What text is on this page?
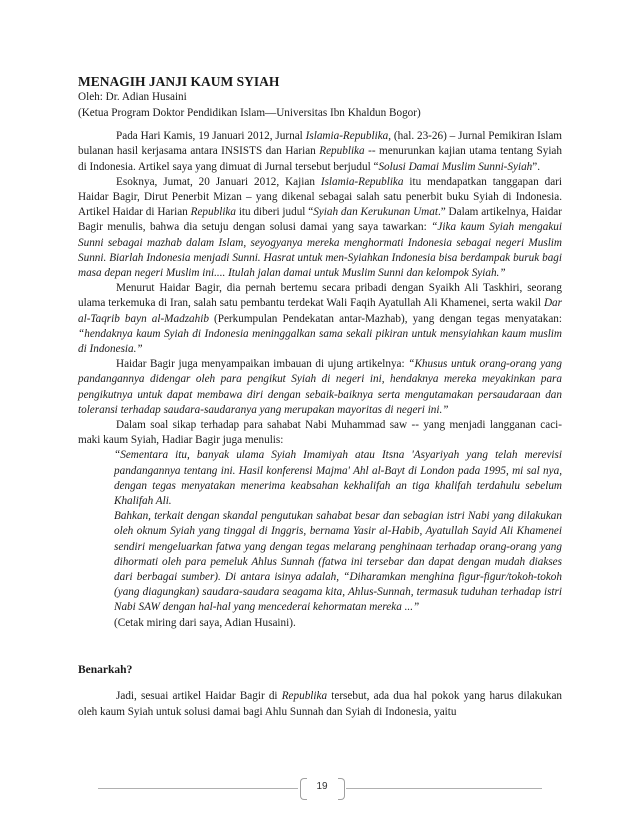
MENAGIH JANJI KAUM SYIAH

Oleh: Dr. Adian Husaini

(Ketua Program Doktor Pendidikan Islam—Universitas Ibn Khaldun Bogor)

Pada Hari Kamis, 19 Januari 2012, Jurnal Islamia-Republika, (hal. 23-26) – Jurnal Pemikiran Islam bulanan hasil kerjasama antara INSISTS dan Harian Republika -- menurunkan kajian utama tentang Syiah di Indonesia. Artikel saya yang dimuat di Jurnal tersebut berjudul “Solusi Damai Muslim Sunni-Syiah”.

Esoknya, Jumat, 20 Januari 2012, Kajian Islamia-Republika itu mendapatkan tanggapan dari Haidar Bagir, Dirut Penerbit Mizan – yang dikenal sebagai salah satu penerbit buku Syiah di Indonesia. Artikel Haidar di Harian Republika itu diberi judul “Syiah dan Kerukunan Umat.” Dalam artikelnya, Haidar Bagir menulis, bahwa dia setuju dengan solusi damai yang saya tawarkan: “Jika kaum Syiah mengakui Sunni sebagai mazhab dalam Islam, seyogyanya mereka menghormati Indonesia sebagai negeri Muslim Sunni. Biarlah Indonesia menjadi Sunni. Hasrat untuk men-Syiahkan Indonesia bisa berdampak buruk bagi masa depan negeri Muslim ini.... Itulah jalan damai untuk Muslim Sunni dan kelompok Syiah.”

Menurut Haidar Bagir, dia pernah bertemu secara pribadi dengan Syaikh Ali Taskhiri, seorang ulama terkemuka di Iran, salah satu pembantu terdekat Wali Faqih Ayatullah Ali Khamenei, serta wakil Dar al-Taqrib bayn al-Madzahib (Perkumpulan Pendekatan antar-Mazhab), yang dengan tegas menyatakan: “hendaknya kaum Syiah di Indonesia meninggalkan sama sekali pikiran untuk mensyiahkan kaum muslim di Indonesia.”

Haidar Bagir juga menyampaikan imbauan di ujung artikelnya: “Khusus untuk orang-orang yang pandangannya didengar oleh para pengikut Syiah di negeri ini, hendaknya mereka meyakinkan para pengikutnya untuk dapat membawa diri dengan sebaik-baiknya serta mengutamakan persaudaraan dan toleransi terhadap saudara-saudaranya yang merupakan mayoritas di negeri ini.”

Dalam soal sikap terhadap para sahabat Nabi Muhammad saw -- yang menjadi langganan caci-maki kaum Syiah, Hadiar Bagir juga menulis:

“Sementara itu, banyak ulama Syiah Imamiyah atau Itsna 'Asyariyah yang telah merevisi pandangannya tentang ini. Hasil konferensi Majma' Ahl al-Bayt di London pada 1995, mi sal nya, dengan tegas menyatakan menerima keabsahan kekhalifah an tiga khalifah terdahulu sebelum Khalifah Ali.

Bahkan, terkait dengan skandal pengutukan sahabat besar dan sebagian istri Nabi yang dilakukan oleh oknum Syiah yang tinggal di Inggris, bernama Yasir al-Habib, Ayatullah Sayid Ali Khamenei sendiri mengeluarkan fatwa yang dengan tegas melarang penghinaan terhadap orang-orang yang dihormati oleh para pemeluk Ahlus Sunnah (fatwa ini tersebar dan dapat dengan mudah diakses dari berbagai sumber). Di antara isinya adalah, “Diharamkan menghina figur-figur/tokoh-tokoh (yang diagungkan) saudara-saudara seagama kita, Ahlus-Sunnah, termasuk tuduhan terhadap istri Nabi SAW dengan hal-hal yang mencederai kehormatan mereka ...”

(Cetak miring dari saya, Adian Husaini).

Benarkah?

Jadi, sesuai artikel Haidar Bagir di Republika tersebut, ada dua hal pokok yang harus dilakukan oleh kaum Syiah untuk solusi damai bagi Ahlu Sunnah dan Syiah di Indonesia, yaitu

19
